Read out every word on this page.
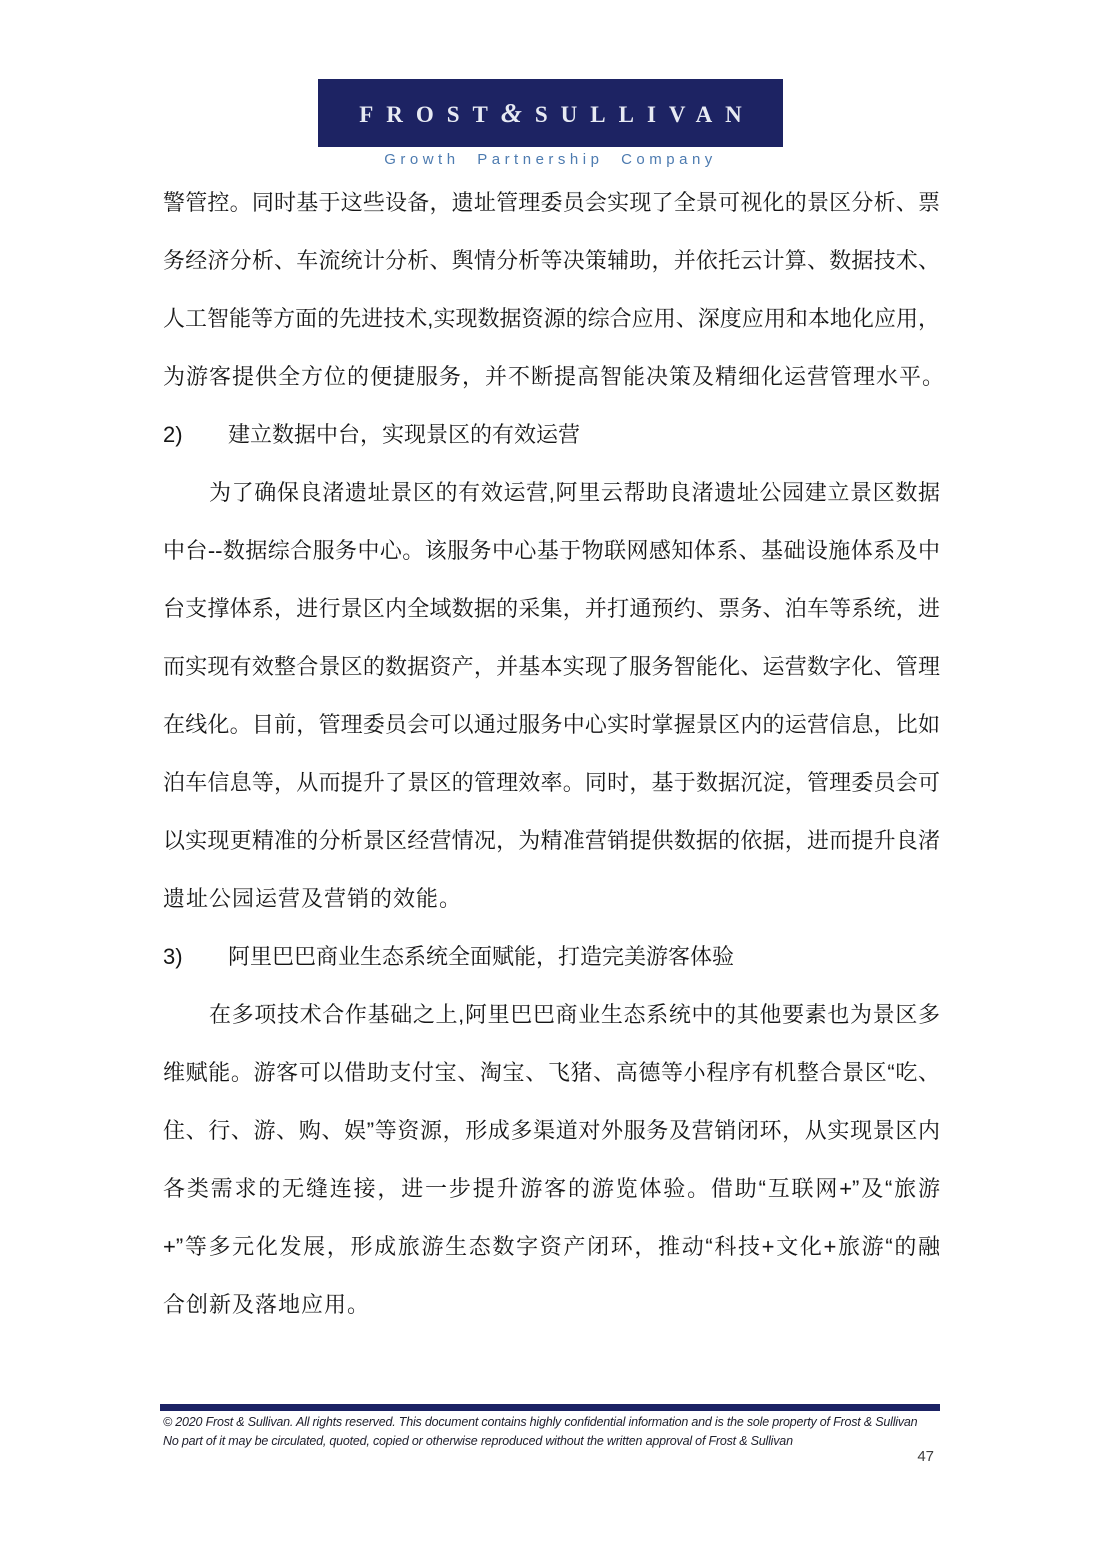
FROST&SULLIVAN
Growth Partnership Company
警管控。同时基于这些设备，遗址管理委员会实现了全景可视化的景区分析、票
务经济分析、车流统计分析、舆情分析等决策辅助，并依托云计算、数据技术、
人工智能等方面的先进技术,实现数据资源的综合应用、深度应用和本地化应用，
为游客提供全方位的便捷服务，并不断提高智能决策及精细化运营管理水平。
2) 建立数据中台，实现景区的有效运营
为了确保良渚遗址景区的有效运营,阿里云帮助良渚遗址公园建立景区数据
中台--数据综合服务中心。该服务中心基于物联网感知体系、基础设施体系及中
台支撑体系，进行景区内全域数据的采集，并打通预约、票务、泊车等系统，进
而实现有效整合景区的数据资产，并基本实现了服务智能化、运营数字化、管理
在线化。目前，管理委员会可以通过服务中心实时掌握景区内的运营信息，比如
泊车信息等，从而提升了景区的管理效率。同时，基于数据沉淀，管理委员会可
以实现更精准的分析景区经营情况，为精准营销提供数据的依据，进而提升良渚
遗址公园运营及营销的效能。
3) 阿里巴巴商业生态系统全面赋能，打造完美游客体验
在多项技术合作基础之上,阿里巴巴商业生态系统中的其他要素也为景区多
维赋能。游客可以借助支付宝、淘宝、飞猪、高德等小程序有机整合景区“吃、
住、行、游、购、娱”等资源，形成多渠道对外服务及营销闭环，从实现景区内
各类需求的无缝连接，进一步提升游客的游览体验。借助“互联网+”及“旅游
+”等多元化发展，形成旅游生态数字资产闭环，推动“科技+文化+旅游“的融
合创新及落地应用。
© 2020 Frost & Sullivan. All rights reserved. This document contains highly confidential information and is the sole property of Frost & Sullivan
No part of it may be circulated, quoted, copied or otherwise reproduced without the written approval of Frost & Sullivan
47
